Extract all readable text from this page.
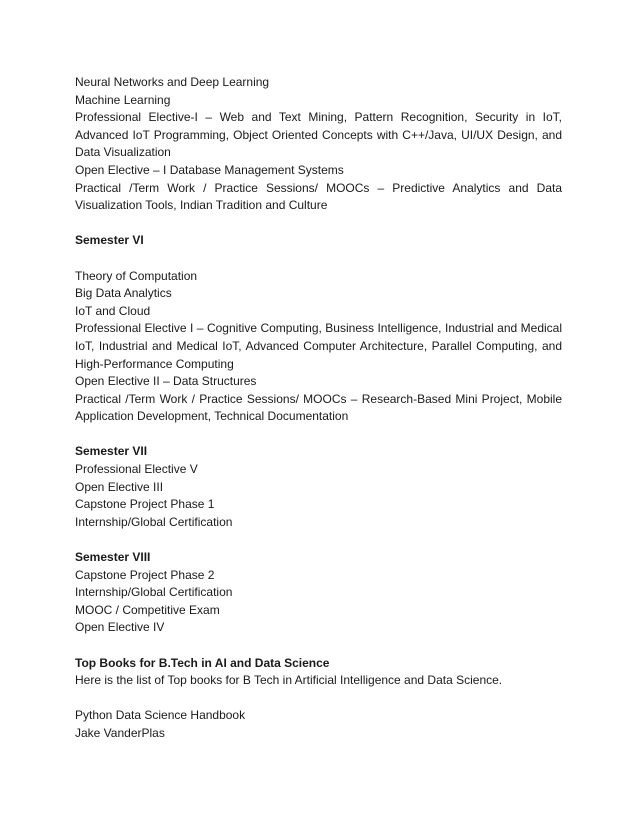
Neural Networks and Deep Learning
Machine Learning
Professional Elective-I – Web and Text Mining, Pattern Recognition, Security in IoT, Advanced IoT Programming, Object Oriented Concepts with C++/Java, UI/UX Design, and Data Visualization
Open Elective – I Database Management Systems
Practical /Term Work / Practice Sessions/ MOOCs – Predictive Analytics and Data Visualization Tools, Indian Tradition and Culture
Semester VI
Theory of Computation
Big Data Analytics
IoT and Cloud
Professional Elective I – Cognitive Computing, Business Intelligence, Industrial and Medical IoT, Industrial and Medical IoT, Advanced Computer Architecture, Parallel Computing, and High-Performance Computing
Open Elective II – Data Structures
Practical /Term Work / Practice Sessions/ MOOCs – Research-Based Mini Project, Mobile Application Development, Technical Documentation
Semester VII
Professional Elective V
Open Elective III
Capstone Project Phase 1
Internship/Global Certification
Semester VIII
Capstone Project Phase 2
Internship/Global Certification
MOOC / Competitive Exam
Open Elective IV
Top Books for B.Tech in AI and Data Science
Here is the list of Top books for B Tech in Artificial Intelligence and Data Science.
Python Data Science Handbook
Jake VanderPlas
